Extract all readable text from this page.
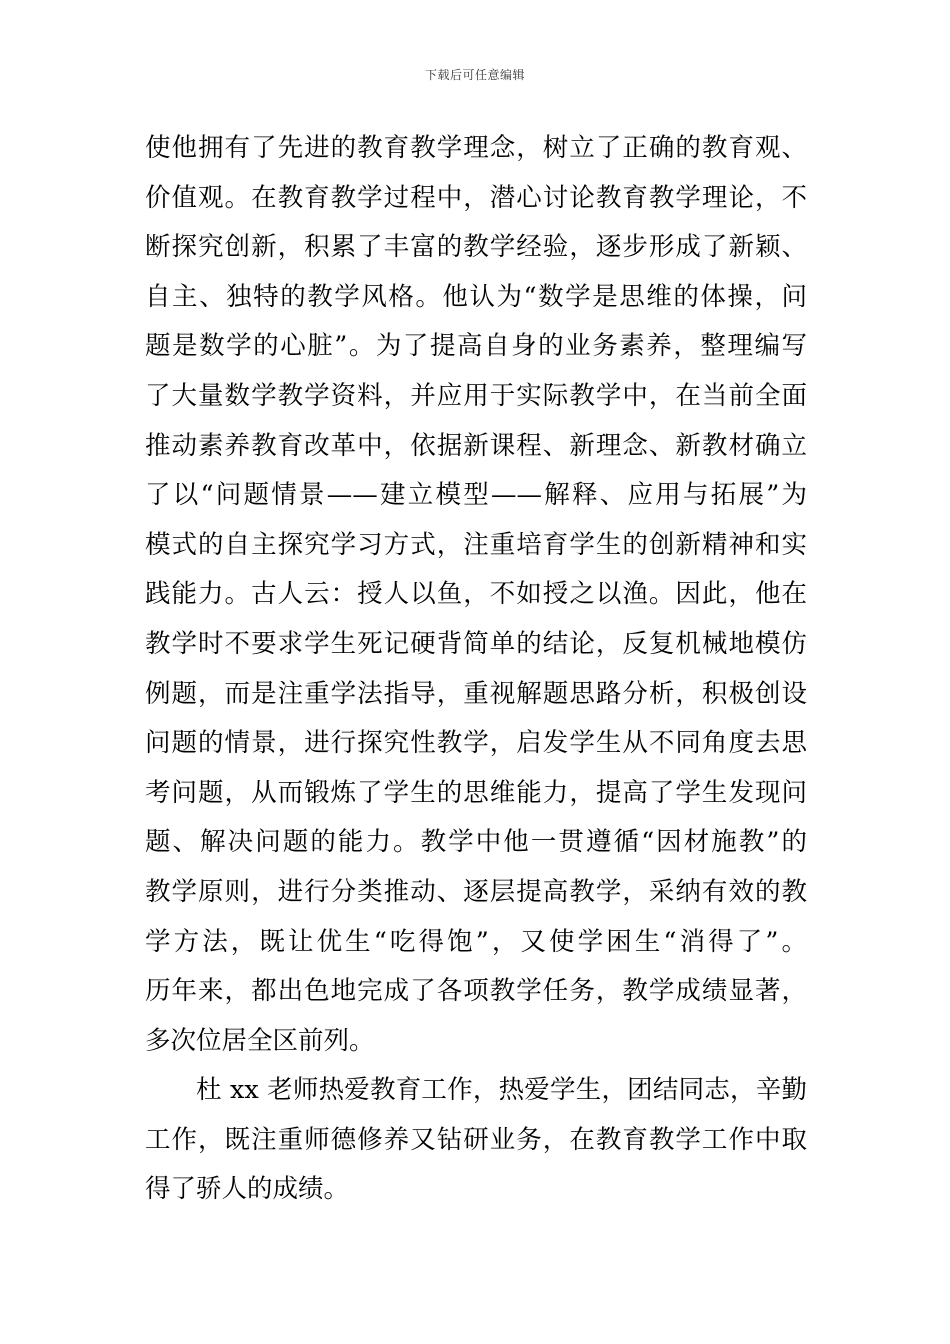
下载后可任意编辑
使他拥有了先进的教育教学理念，树立了正确的教育观、
价值观。在教育教学过程中，潜心讨论教育教学理论，不
断探究创新，积累了丰富的教学经验，逐步形成了新颖、
自主、独特的教学风格。他认为“数学是思维的体操，问
题是数学的心脏”。为了提高自身的业务素养，整理编写
了大量数学教学资料，并应用于实际教学中，在当前全面
推动素养教育改革中，依据新课程、新理念、新教材确立
了以“问题情景——建立模型——解释、应用与拓展”为
模式的自主探究学习方式，注重培育学生的创新精神和实
践能力。古人云：授人以鱼，不如授之以渔。因此，他在
教学时不要求学生死记硬背简单的结论，反复机械地模仿
例题，而是注重学法指导，重视解题思路分析，积极创设
问题的情景，进行探究性教学，启发学生从不同角度去思
考问题，从而锻炼了学生的思维能力，提高了学生发现问
题、解决问题的能力。教学中他一贯遵循“因材施教”的
教学原则，进行分类推动、逐层提高教学，采纳有效的教
学方法，既让优生“吃得饱”，又使学困生“消得了”。
历年来，都出色地完成了各项教学任务，教学成绩显著，
多次位居全区前列。
杜 xx 老师热爱教育工作，热爱学生，团结同志，辛勤
工作，既注重师德修养又钻研业务，在教育教学工作中取
得了骄人的成绩。
